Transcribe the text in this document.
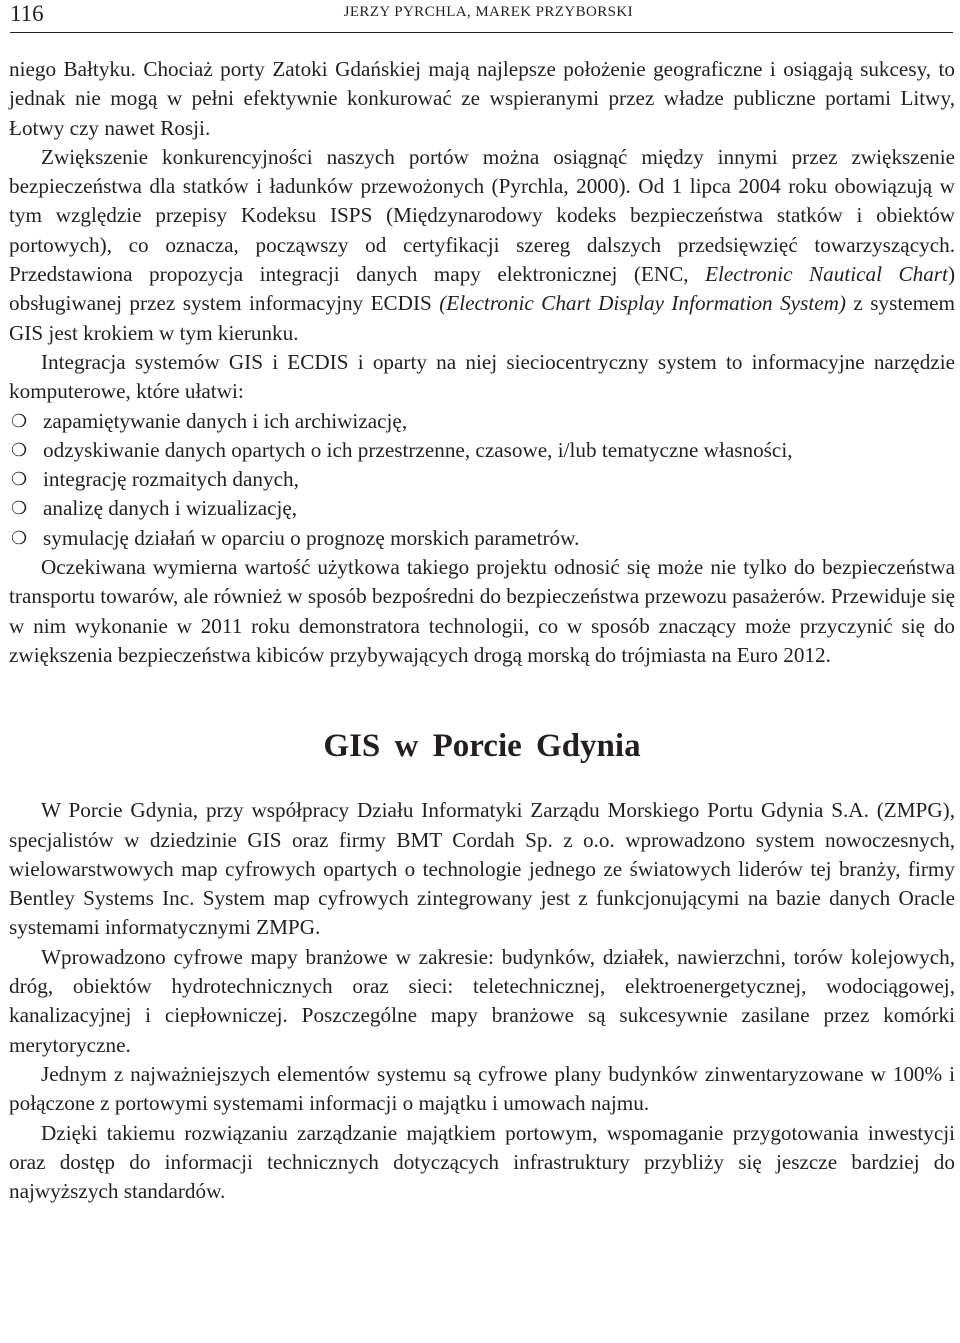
116	JERZY PYRCHLA, MAREK PRZYBORSKI

niego Bałtyku. Chociaż porty Zatoki Gdańskiej mają najlepsze położenie geograficzne i osiągają sukcesy, to jednak nie mogą w pełni efektywnie konkurować ze wspieranymi przez władze publiczne portami Litwy, Łotwy czy nawet Rosji.

Zwiększenie konkurencyjności naszych portów można osiągnąć między innymi przez zwiększenie bezpieczeństwa dla statków i ładunków przewożonych (Pyrchla, 2000). Od 1 lipca 2004 roku obowiązują w tym względzie przepisy Kodeksu ISPS (Międzynarodowy kodeks bezpieczeństwa statków i obiektów portowych), co oznacza, począwszy od certyfikacji szereg dalszych przedsięwzięć towarzyszących. Przedstawiona propozycja integracji danych mapy elektronicznej (ENC, Electronic Nautical Chart) obsługiwanej przez system informacyjny ECDIS (Electronic Chart Display Information System) z systemem GIS jest krokiem w tym kierunku.

Integracja systemów GIS i ECDIS i oparty na niej sieciocentryczny system to informacyjne narzędzie komputerowe, które ułatwi:

❍ zapamiętywanie danych i ich archiwizację,
❍ odzyskiwanie danych opartych o ich przestrzenne, czasowe, i/lub tematyczne własności,
❍ integrację rozmaitych danych,
❍ analizę danych i wizualizację,
❍ symulację działań w oparciu o prognozę morskich parametrów.

Oczekiwana wymierna wartość użytkowa takiego projektu odnosić się może nie tylko do bezpieczeństwa transportu towarów, ale również w sposób bezpośredni do bezpieczeństwa przewozu pasażerów. Przewiduje się w nim wykonanie w 2011 roku demonstratora technologii, co w sposób znaczący może przyczynić się do zwiększenia bezpieczeństwa kibiców przybywających drogą morską do trójmiasta na Euro 2012.

GIS w Porcie Gdynia

W Porcie Gdynia, przy współpracy Działu Informatyki Zarządu Morskiego Portu Gdynia S.A. (ZMPG), specjalistów w dziedzinie GIS oraz firmy BMT Cordah Sp. z o.o. wprowadzono system nowoczesnych, wielowarstwowych map cyfrowych opartych o technologie jednego ze światowych liderów tej branży, firmy Bentley Systems Inc. System map cyfrowych zintegrowany jest z funkcjonującymi na bazie danych Oracle systemami informatycznymi ZMPG.

Wprowadzono cyfrowe mapy branżowe w zakresie: budynków, działek, nawierzchni, torów kolejowych, dróg, obiektów hydrotechnicznych oraz sieci: teletechnicznej, elektroenergetycznej, wodociągowej, kanalizacyjnej i ciepłowniczej. Poszczególne mapy branżowe są sukcesywnie zasilane przez komórki merytoryczne.

Jednym z najważniejszych elementów systemu są cyfrowe plany budynków zinwentaryzowane w 100% i połączone z portowymi systemami informacji o majątku i umowach najmu.

Dzięki takiemu rozwiązaniu zarządzanie majątkiem portowym, wspomaganie przygotowania inwestycji oraz dostęp do informacji technicznych dotyczących infrastruktury przybliży się jeszcze bardziej do najwyższych standardów.
